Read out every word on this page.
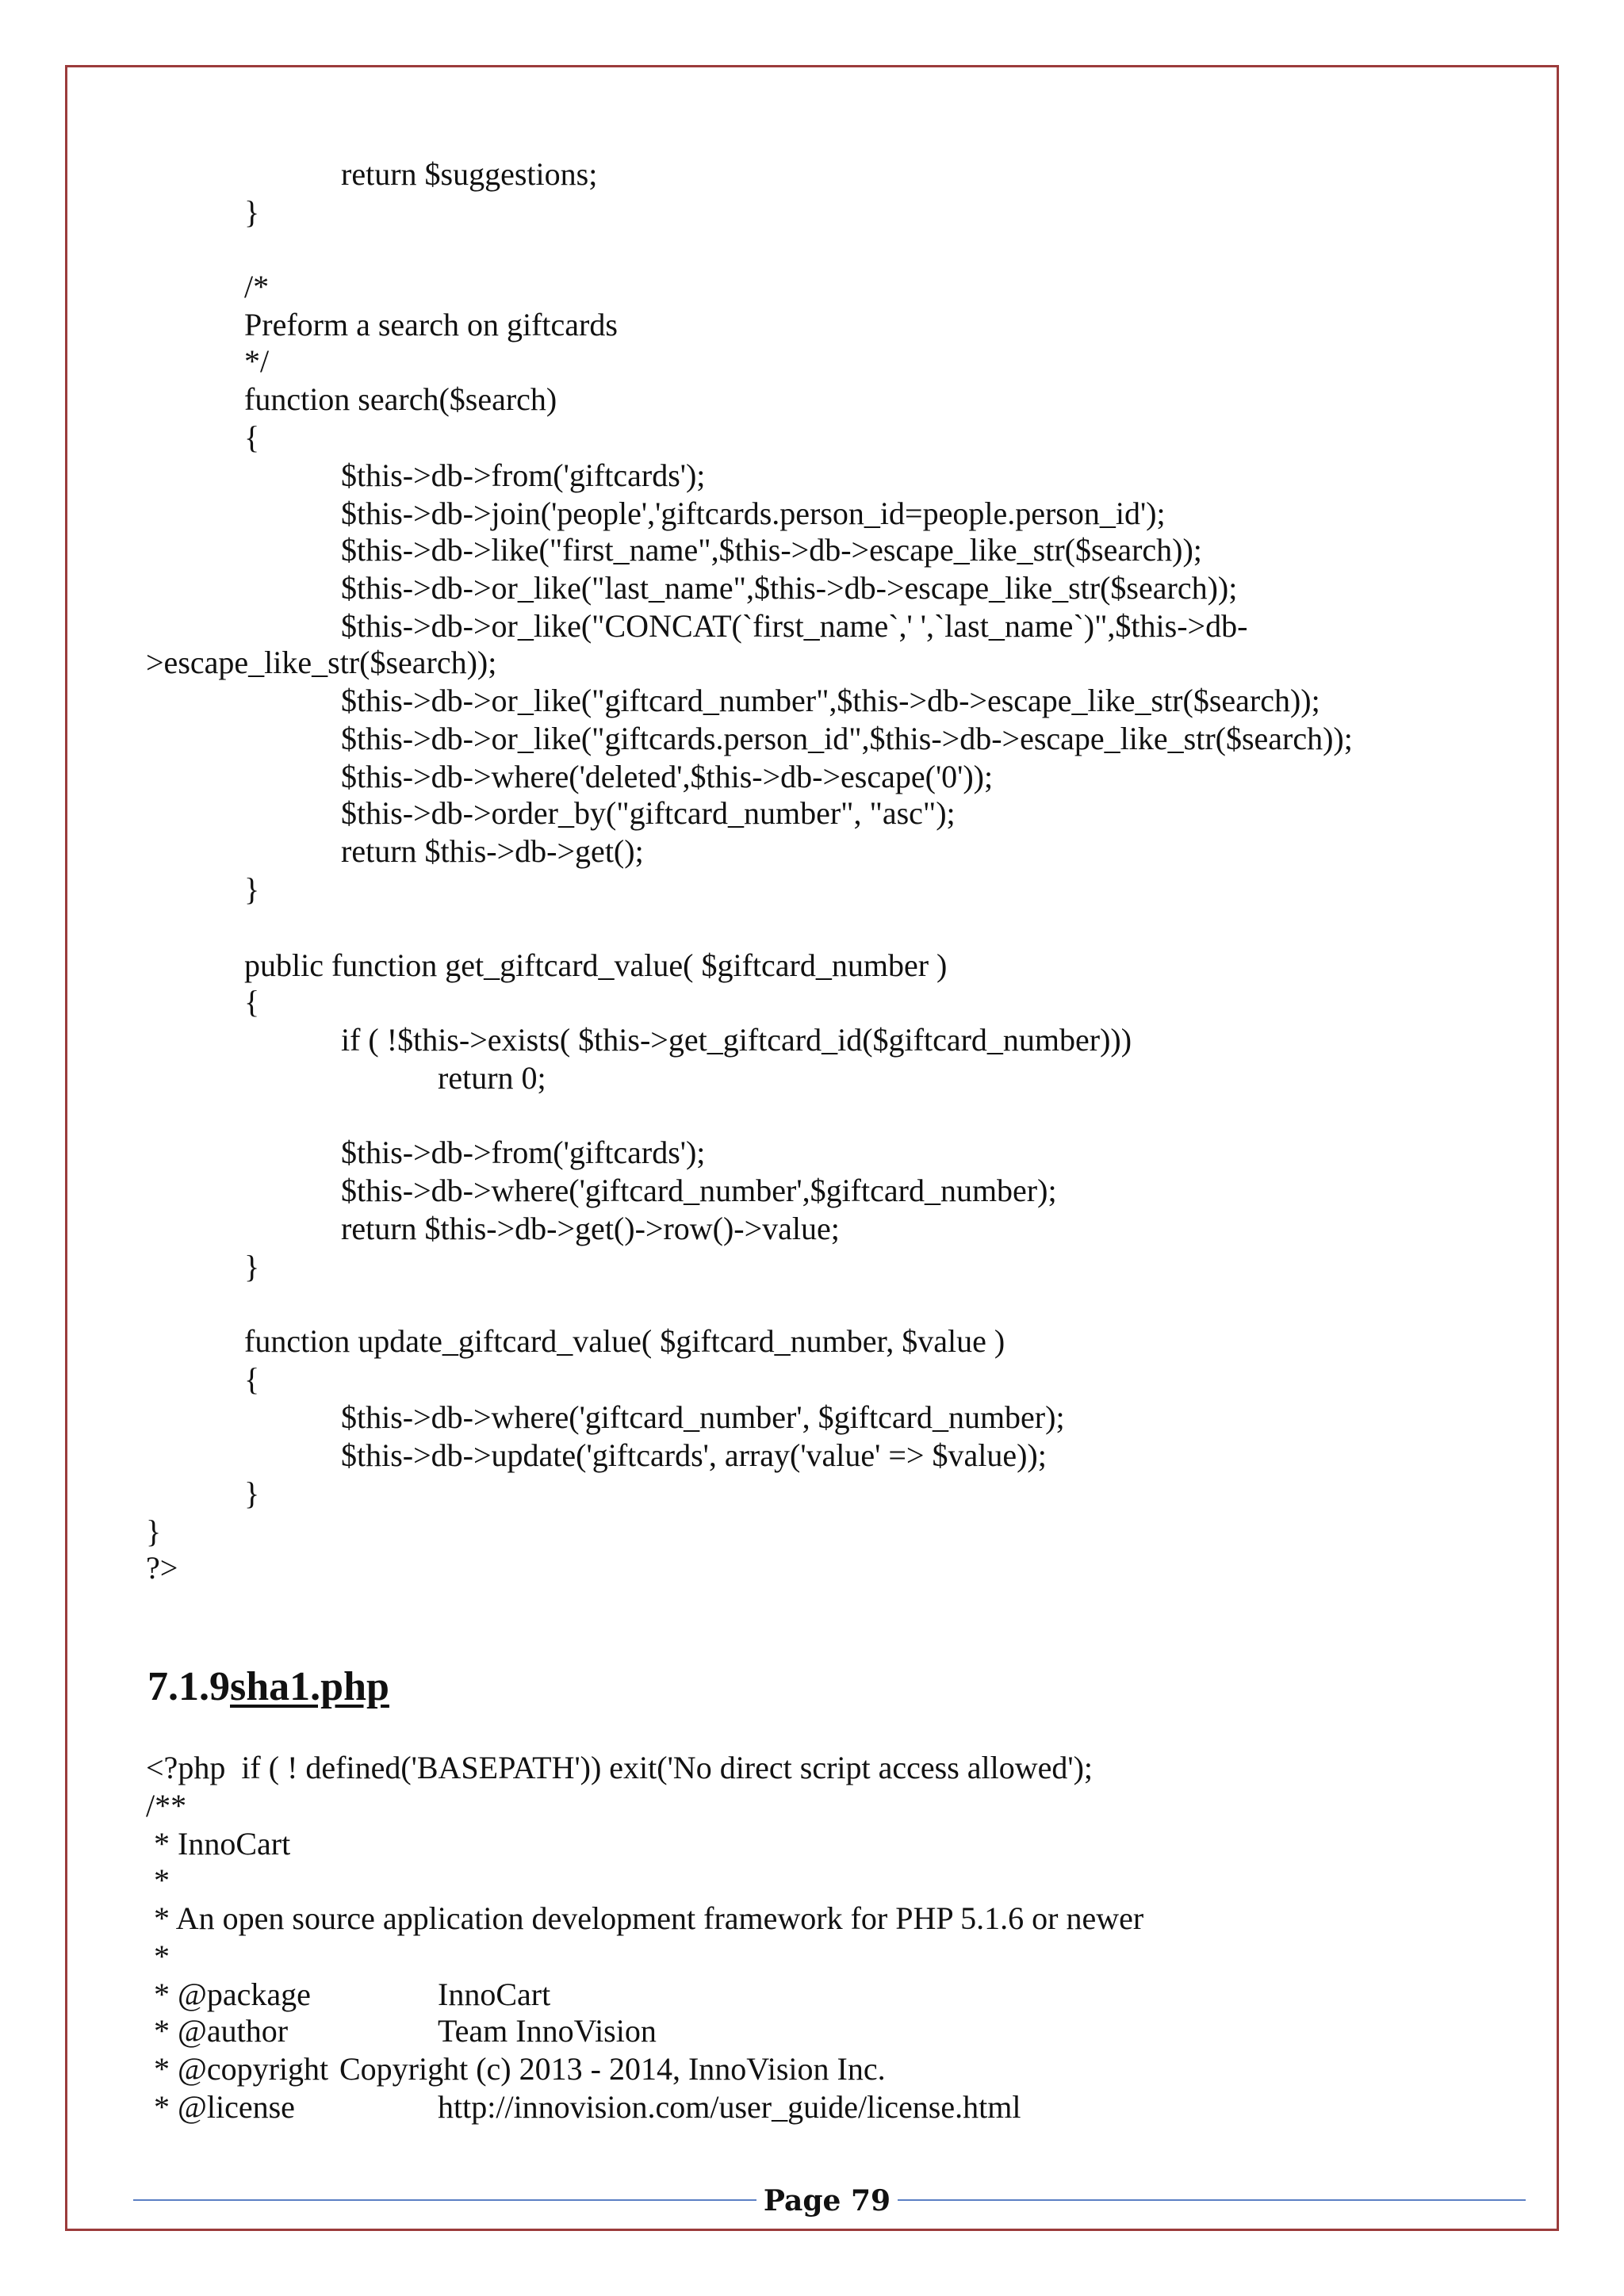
return $suggestions;
}
/*
Preform a search on giftcards
*/
function search($search)
{
$this->db->from('giftcards');
$this->db->join('people','giftcards.person_id=people.person_id');
$this->db->like("first_name",$this->db->escape_like_str($search));
$this->db->or_like("last_name",$this->db->escape_like_str($search));
$this->db->or_like("CONCAT(`first_name`,' ',`last_name`)",$this->db-
>escape_like_str($search));
$this->db->or_like("giftcard_number",$this->db->escape_like_str($search));
$this->db->or_like("giftcards.person_id",$this->db->escape_like_str($search));
$this->db->where('deleted',$this->db->escape('0'));
$this->db->order_by("giftcard_number", "asc");
return $this->db->get();
}
public function get_giftcard_value( $giftcard_number )
{
if ( !$this->exists( $this->get_giftcard_id($giftcard_number)))
return 0;
$this->db->from('giftcards');
$this->db->where('giftcard_number',$giftcard_number);
return $this->db->get()->row()->value;
}
function update_giftcard_value( $giftcard_number, $value )
{
$this->db->where('giftcard_number', $giftcard_number);
$this->db->update('giftcards', array('value' => $value));
}
}
?>
7.1.9sha1.php
<?php  if ( ! defined('BASEPATH')) exit('No direct script access allowed');
/**
* InnoCart
*
* An open source application development framework for PHP 5.1.6 or newer
*
* @package	InnoCart
* @author	Team InnoVision
* @copyright Copyright (c) 2013 - 2014, InnoVision Inc.
* @license	http://innovision.com/user_guide/license.html
Page 79
